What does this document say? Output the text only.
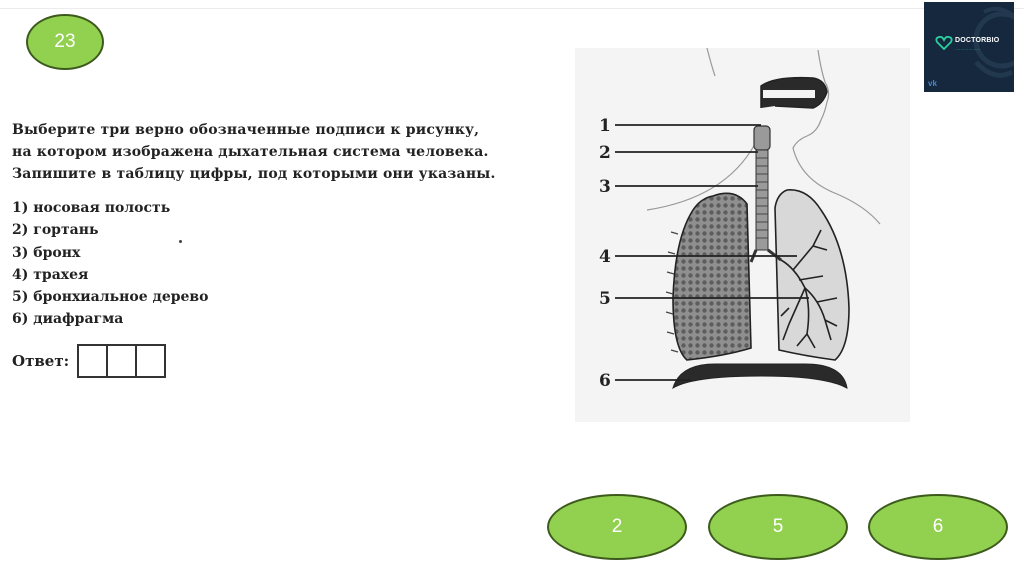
23	DOCTORBIO
···················
vk

Выберите три верно обозначенные подписи к рисунку,

на котором изображена дыхательная система человека.

Запишите в таблицу цифры, под которыми они указаны.

1) носовая полость
2) гортань
3) бронх
4) трахея
5) бронхиальное дерево
6) диафрагма
Ответ:
1
2
3
4
5
6
2	5	6
